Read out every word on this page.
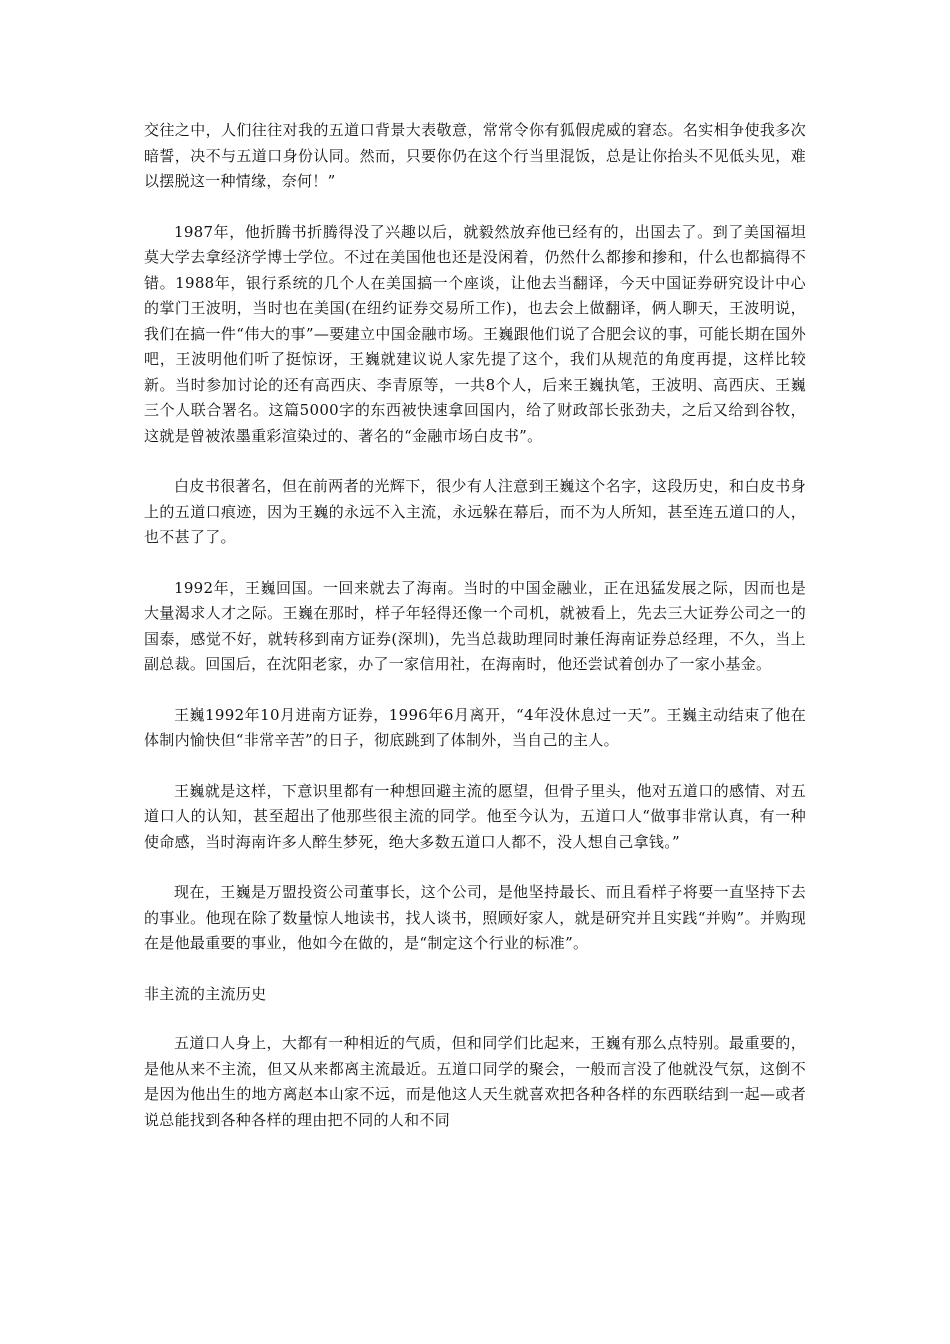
交往之中，人们往往对我的五道口背景大表敬意，常常令你有狐假虎威的窘态。名实相争使我多次暗誓，决不与五道口身份认同。然而，只要你仍在这个行当里混饭，总是让你抬头不见低头见，难以摆脱这一种情缘，奈何！”

1987年，他折腾书折腾得没了兴趣以后，就毅然放弃他已经有的，出国去了。到了美国福坦莫大学去拿经济学博士学位。不过在美国他也还是没闲着，仍然什么都掺和掺和，什么也都搞得不错。1988年，银行系统的几个人在美国搞一个座谈，让他去当翻译，今天中国证券研究设计中心的掌门王波明，当时也在美国(在纽约证券交易所工作)，也去会上做翻译，俩人聊天，王波明说，我们在搞一件“伟大的事”—要建立中国金融市场。王巍跟他们说了合肥会议的事，可能长期在国外吧，王波明他们听了挺惊讶，王巍就建议说人家先提了这个，我们从规范的角度再提，这样比较新。当时参加讨论的还有高西庆、李青原等，一共8个人，后来王巍执笔，王波明、高西庆、王巍三个人联合署名。这篇5000字的东西被快速拿回国内，给了财政部长张劲夫，之后又给到谷牧，这就是曾被浓墨重彩渲染过的、著名的“金融市场白皮书”。

白皮书很著名，但在前两者的光辉下，很少有人注意到王巍这个名字，这段历史，和白皮书身上的五道口痕迹，因为王巍的永远不入主流，永远躲在幕后，而不为人所知，甚至连五道口的人，也不甚了了。

1992年，王巍回国。一回来就去了海南。当时的中国金融业，正在迅猛发展之际，因而也是大量渴求人才之际。王巍在那时，样子年轻得还像一个司机，就被看上，先去三大证券公司之一的国泰，感觉不好，就转移到南方证券(深圳)，先当总裁助理同时兼任海南证券总经理，不久，当上副总裁。回国后，在沈阳老家，办了一家信用社，在海南时，他还尝试着创办了一家小基金。

王巍1992年10月进南方证券，1996年6月离开，“4年没休息过一天”。王巍主动结束了他在体制内愉快但“非常辛苦”的日子，彻底跳到了体制外，当自己的主人。

王巍就是这样，下意识里都有一种想回避主流的愿望，但骨子里头，他对五道口的感情、对五道口人的认知，甚至超出了他那些很主流的同学。他至今认为，五道口人“做事非常认真，有一种使命感，当时海南许多人醉生梦死，绝大多数五道口人都不，没人想自己拿钱。”

现在，王巍是万盟投资公司董事长，这个公司，是他坚持最长、而且看样子将要一直坚持下去的事业。他现在除了数量惊人地读书，找人谈书，照顾好家人，就是研究并且实践“并购”。并购现在是他最重要的事业，他如今在做的，是“制定这个行业的标准”。

非主流的主流历史

五道口人身上，大都有一种相近的气质，但和同学们比起来，王巍有那么点特别。最重要的，是他从来不主流，但又从来都离主流最近。五道口同学的聚会，一般而言没了他就没气氛，这倒不是因为他出生的地方离赵本山家不远，而是他这人天生就喜欢把各种各样的东西联结到一起—或者说总能找到各种各样的理由把不同的人和不同
